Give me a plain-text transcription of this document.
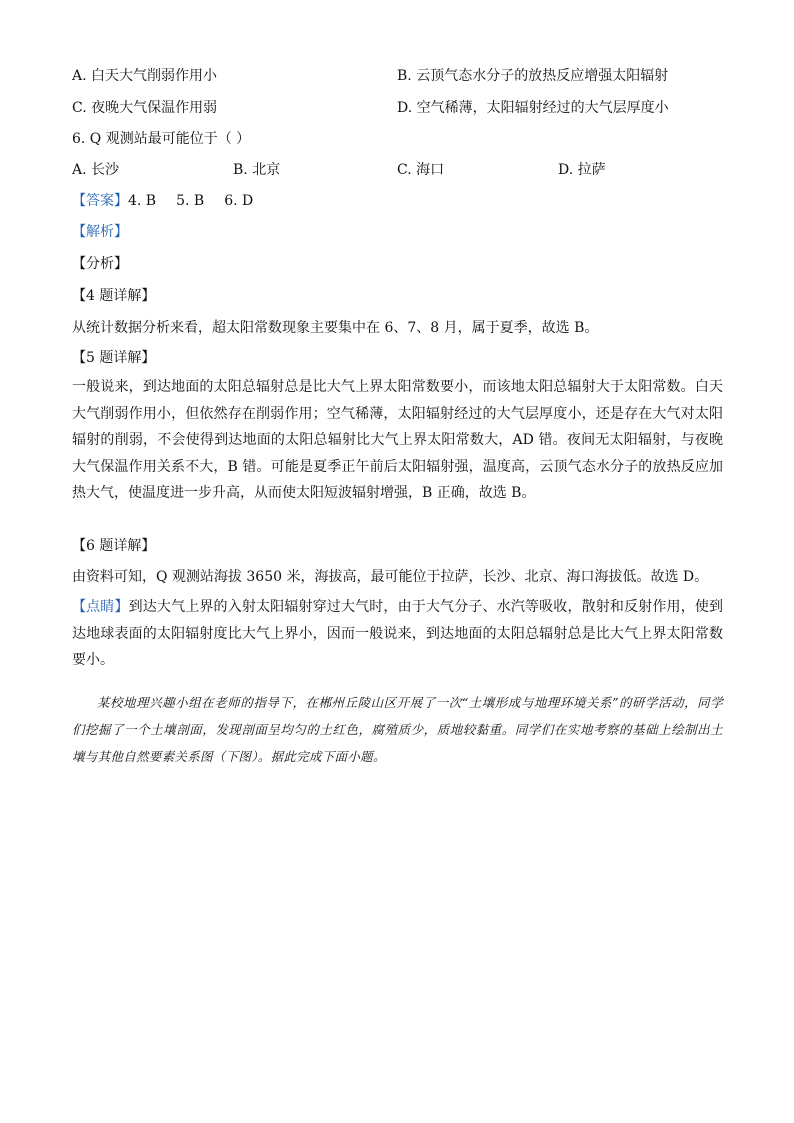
A. 白天大气削弱作用小	B. 云顶气态水分子的放热反应增强太阳辐射
C. 夜晚大气保温作用弱	D. 空气稀薄，太阳辐射经过的大气层厚度小
6. Q 观测站最可能位于（ ）
A. 长沙	B. 北京	C. 海口	D. 拉萨
【答案】4. B 5. B 6. D
【解析】
【分析】
【4 题详解】
从统计数据分析来看，超太阳常数现象主要集中在 6、7、8 月，属于夏季，故选 B。
【5 题详解】
一般说来，到达地面的太阳总辐射总是比大气上界太阳常数要小，而该地太阳总辐射大于太阳常数。白天大气削弱作用小，但依然存在削弱作用；空气稀薄，太阳辐射经过的大气层厚度小，还是存在大气对太阳辐射的削弱，不会使得到达地面的太阳总辐射比大气上界太阳常数大，AD 错。夜间无太阳辐射，与夜晚大气保温作用关系不大，B 错。可能是夏季正午前后太阳辐射强，温度高，云顶气态水分子的放热反应加热大气，使温度进一步升高，从而使太阳短波辐射增强，B 正确，故选 B。
【6 题详解】
由资料可知，Q 观测站海拔 3650 米，海拔高，最可能位于拉萨，长沙、北京、海口海拔低。故选 D。
【点睛】到达大气上界的入射太阳辐射穿过大气时，由于大气分子、水汽等吸收，散射和反射作用，使到达地球表面的太阳辐射度比大气上界小，因而一般说来，到达地面的太阳总辐射总是比大气上界太阳常数要小。
某校地理兴趣小组在老师的指导下，在郴州丘陵山区开展了一次“土壤形成与地理环境关系”的研学活动，同学们挖掘了一个土壤剖面，发现剖面呈均匀的土红色，腐殖质少，质地较黏重。同学们在实地考察的基础上绘制出土壤与其他自然要素关系图（下图）。据此完成下面小题。
